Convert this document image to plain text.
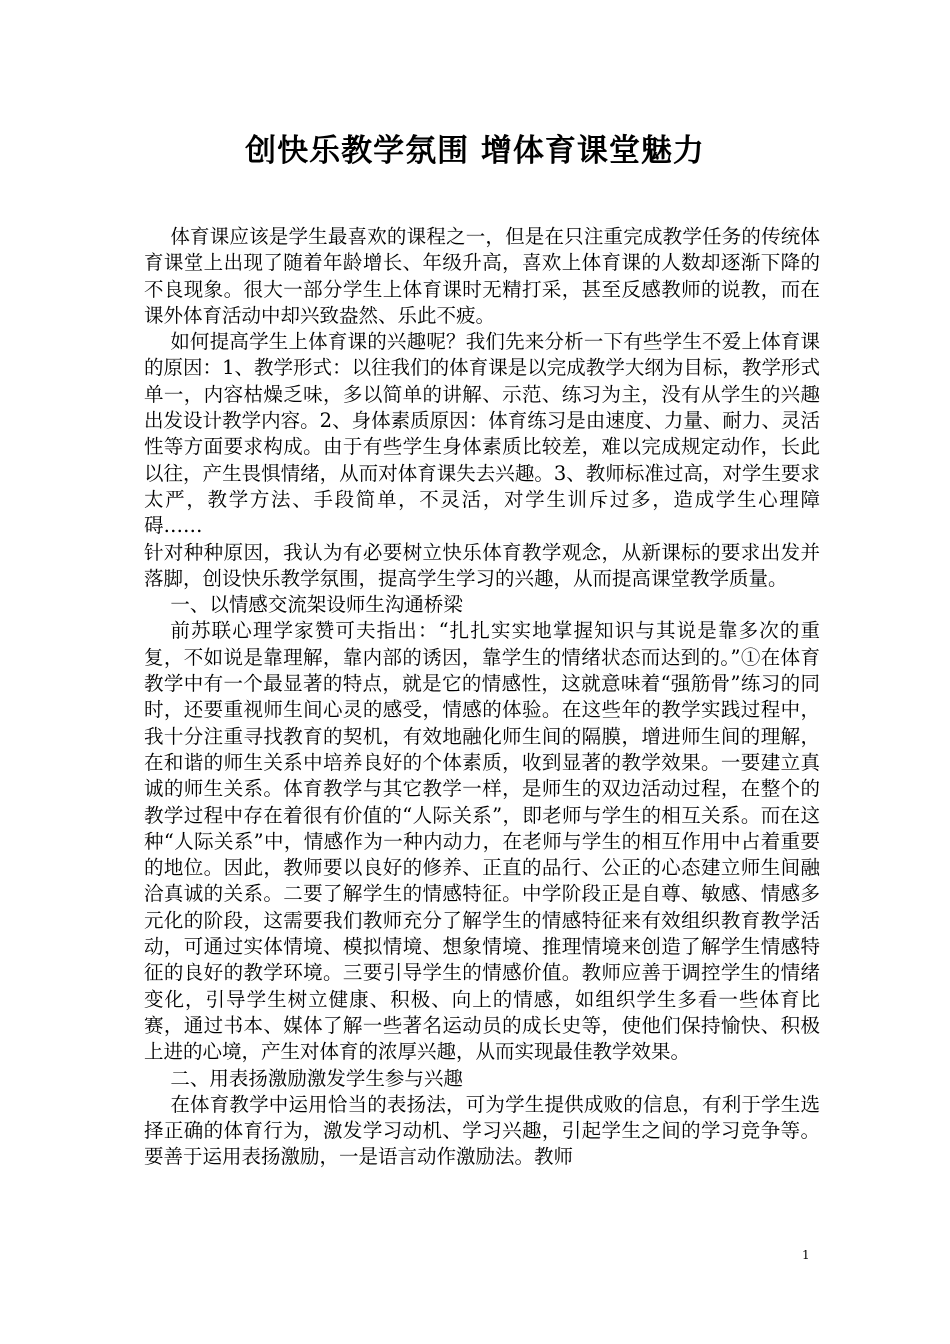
创快乐教学氛围 增体育课堂魅力

体育课应该是学生最喜欢的课程之一，但是在只注重完成教学任务的传统体育课堂上出现了随着年龄增长、年级升高，喜欢上体育课的人数却逐渐下降的不良现象。很大一部分学生上体育课时无精打采，甚至反感教师的说教，而在课外体育活动中却兴致盎然、乐此不疲。

如何提高学生上体育课的兴趣呢？我们先来分析一下有些学生不爱上体育课的原因：1、教学形式：以往我们的体育课是以完成教学大纲为目标，教学形式单一，内容枯燥乏味，多以简单的讲解、示范、练习为主，没有从学生的兴趣出发设计教学内容。2、身体素质原因：体育练习是由速度、力量、耐力、灵活性等方面要求构成。由于有些学生身体素质比较差，难以完成规定动作，长此以往，产生畏惧情绪，从而对体育课失去兴趣。3、教师标准过高，对学生要求太严，教学方法、手段简单，不灵活，对学生训斥过多，造成学生心理障碍……

针对种种原因，我认为有必要树立快乐体育教学观念，从新课标的要求出发并落脚，创设快乐教学氛围，提高学生学习的兴趣，从而提高课堂教学质量。

一、以情感交流架设师生沟通桥梁

前苏联心理学家赞可夫指出：“扎扎实实地掌握知识与其说是靠多次的重复，不如说是靠理解，靠内部的诱因，靠学生的情绪状态而达到的。”①在体育教学中有一个最显著的特点，就是它的情感性，这就意味着“强筋骨”练习的同时，还要重视师生间心灵的感受，情感的体验。在这些年的教学实践过程中，我十分注重寻找教育的契机，有效地融化师生间的隔膜，增进师生间的理解，在和谐的师生关系中培养良好的个体素质，收到显著的教学效果。一要建立真诚的师生关系。体育教学与其它教学一样，是师生的双边活动过程，在整个的教学过程中存在着很有价值的“人际关系”，即老师与学生的相互关系。而在这种“人际关系”中，情感作为一种内动力，在老师与学生的相互作用中占着重要的地位。因此，教师要以良好的修养、正直的品行、公正的心态建立师生间融洽真诚的关系。二要了解学生的情感特征。中学阶段正是自尊、敏感、情感多元化的阶段，这需要我们教师充分了解学生的情感特征来有效组织教育教学活动，可通过实体情境、模拟情境、想象情境、推理情境来创造了解学生情感特征的良好的教学环境。三要引导学生的情感价值。教师应善于调控学生的情绪变化，引导学生树立健康、积极、向上的情感，如组织学生多看一些体育比赛，通过书本、媒体了解一些著名运动员的成长史等，使他们保持愉快、积极上进的心境，产生对体育的浓厚兴趣，从而实现最佳教学效果。

二、用表扬激励激发学生参与兴趣

在体育教学中运用恰当的表扬法，可为学生提供成败的信息，有利于学生选择正确的体育行为，激发学习动机、学习兴趣，引起学生之间的学习竞争等。要善于运用表扬激励，一是语言动作激励法。教师

1
